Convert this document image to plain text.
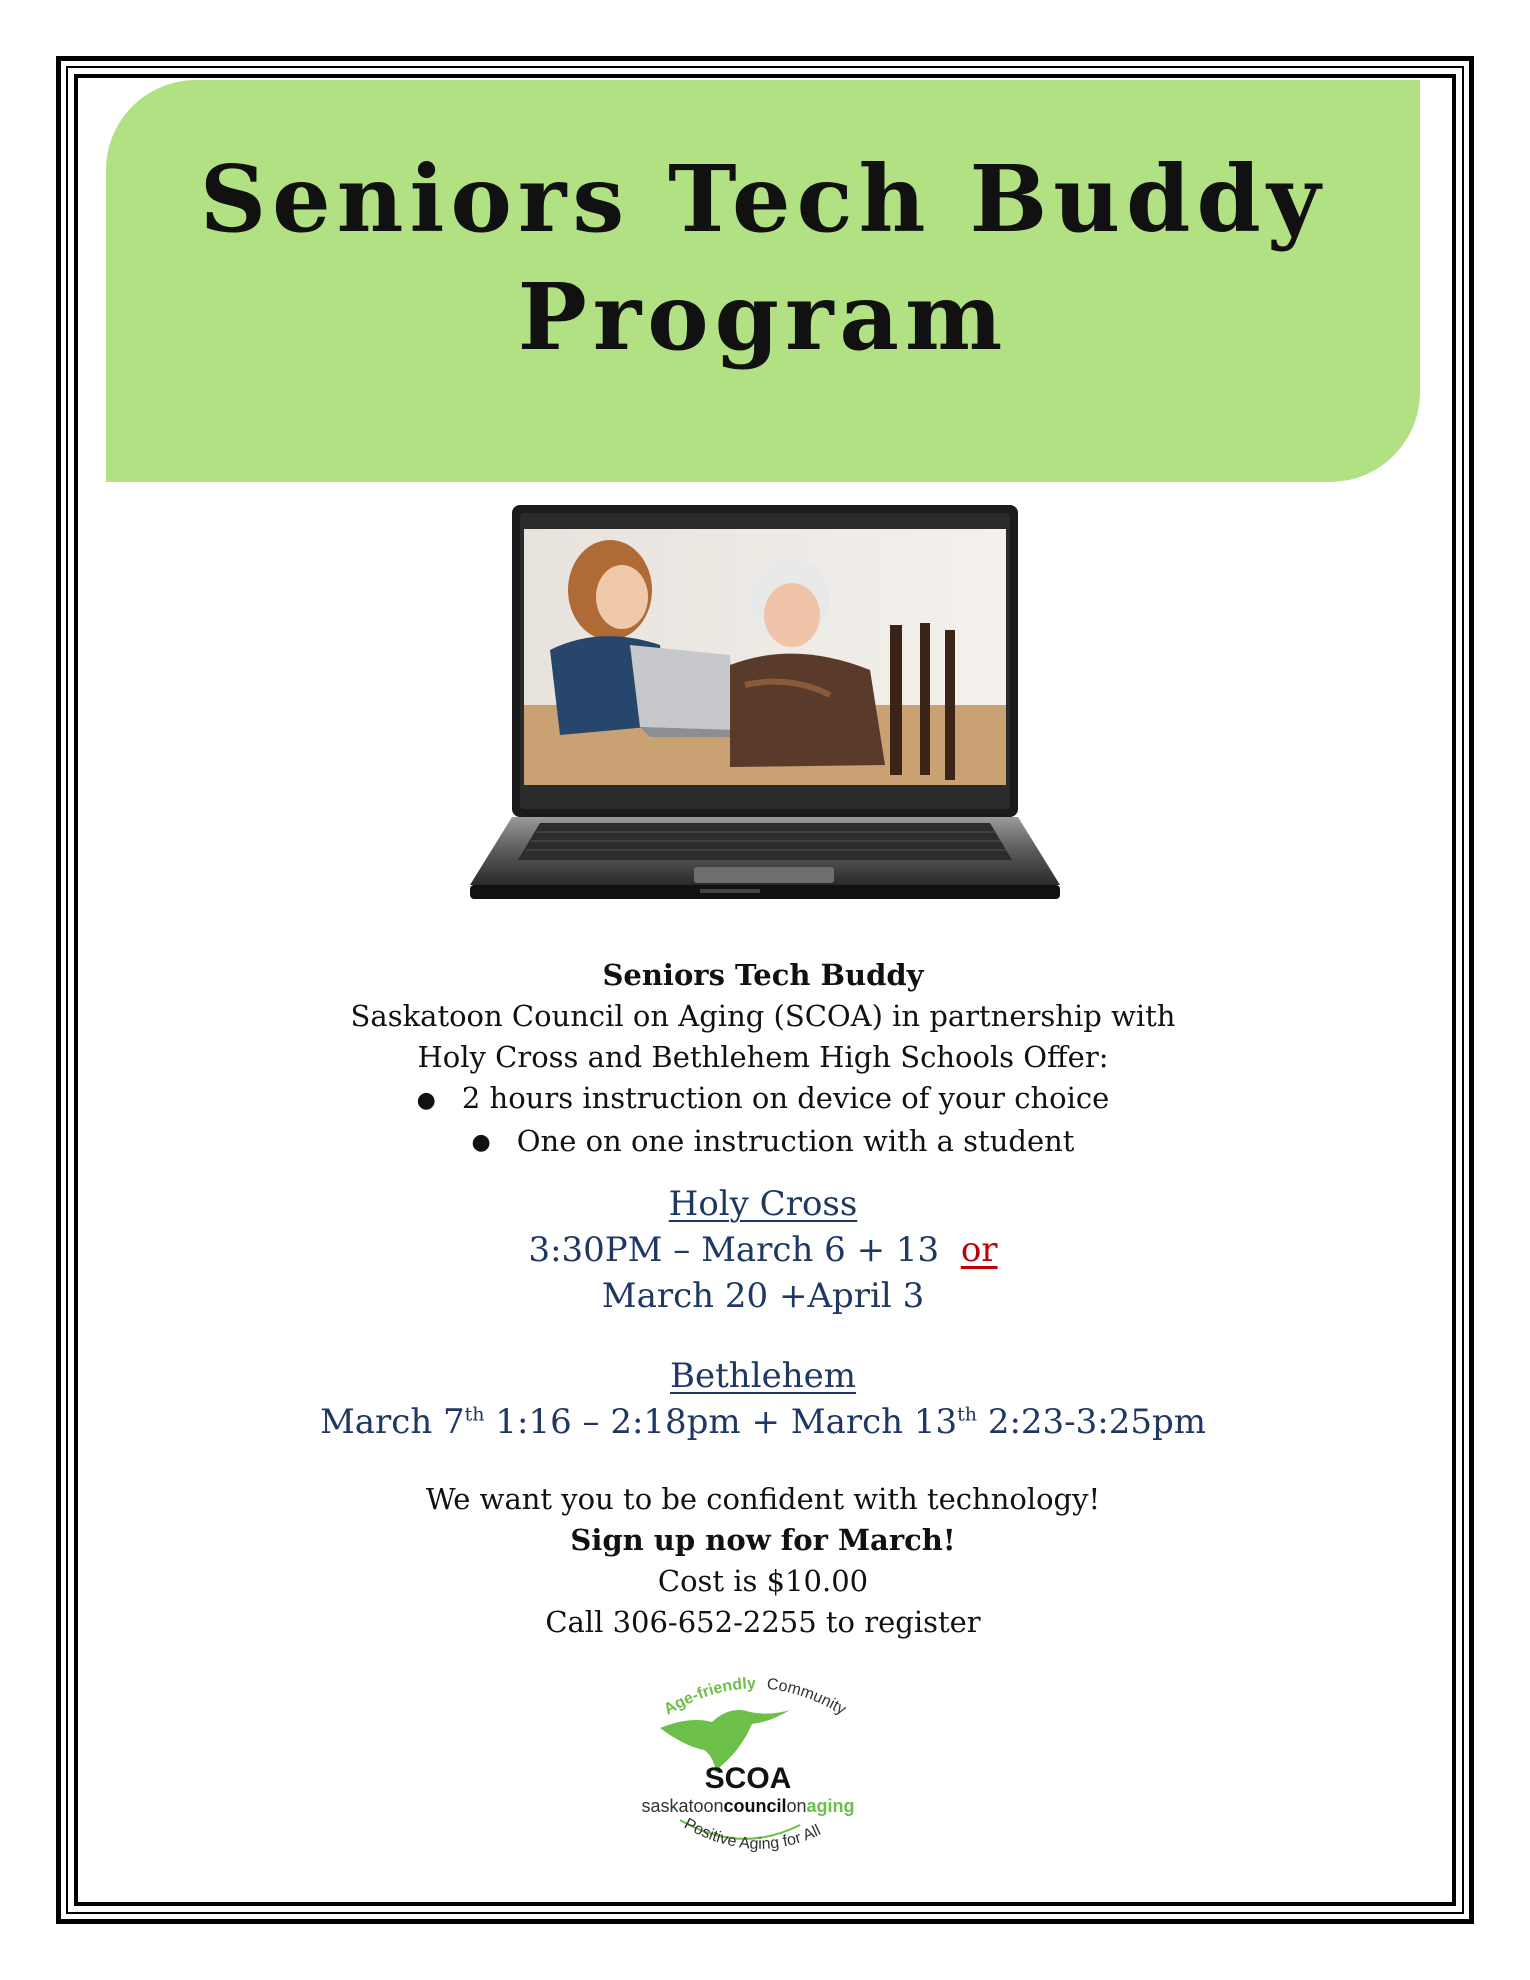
Seniors Tech Buddy
Program

Seniors Tech Buddy

Saskatoon Council on Aging (SCOA) in partnership with

Holy Cross and Bethlehem High Schools Offer:

● 2 hours instruction on device of your choice
● One on one instruction with a student

Holy Cross

3:30PM – March 6 + 13 or

March 20 +April 3

Bethlehem

March 7th 1:16 – 2:18pm + March 13th 2:23-3:25pm

We want you to be confident with technology!

Sign up now for March!

Cost is $10.00

Call 306-652-2255 to register

Age-friendly Community
SCOA
saskatooncouncilonaging
Positive Aging for All
